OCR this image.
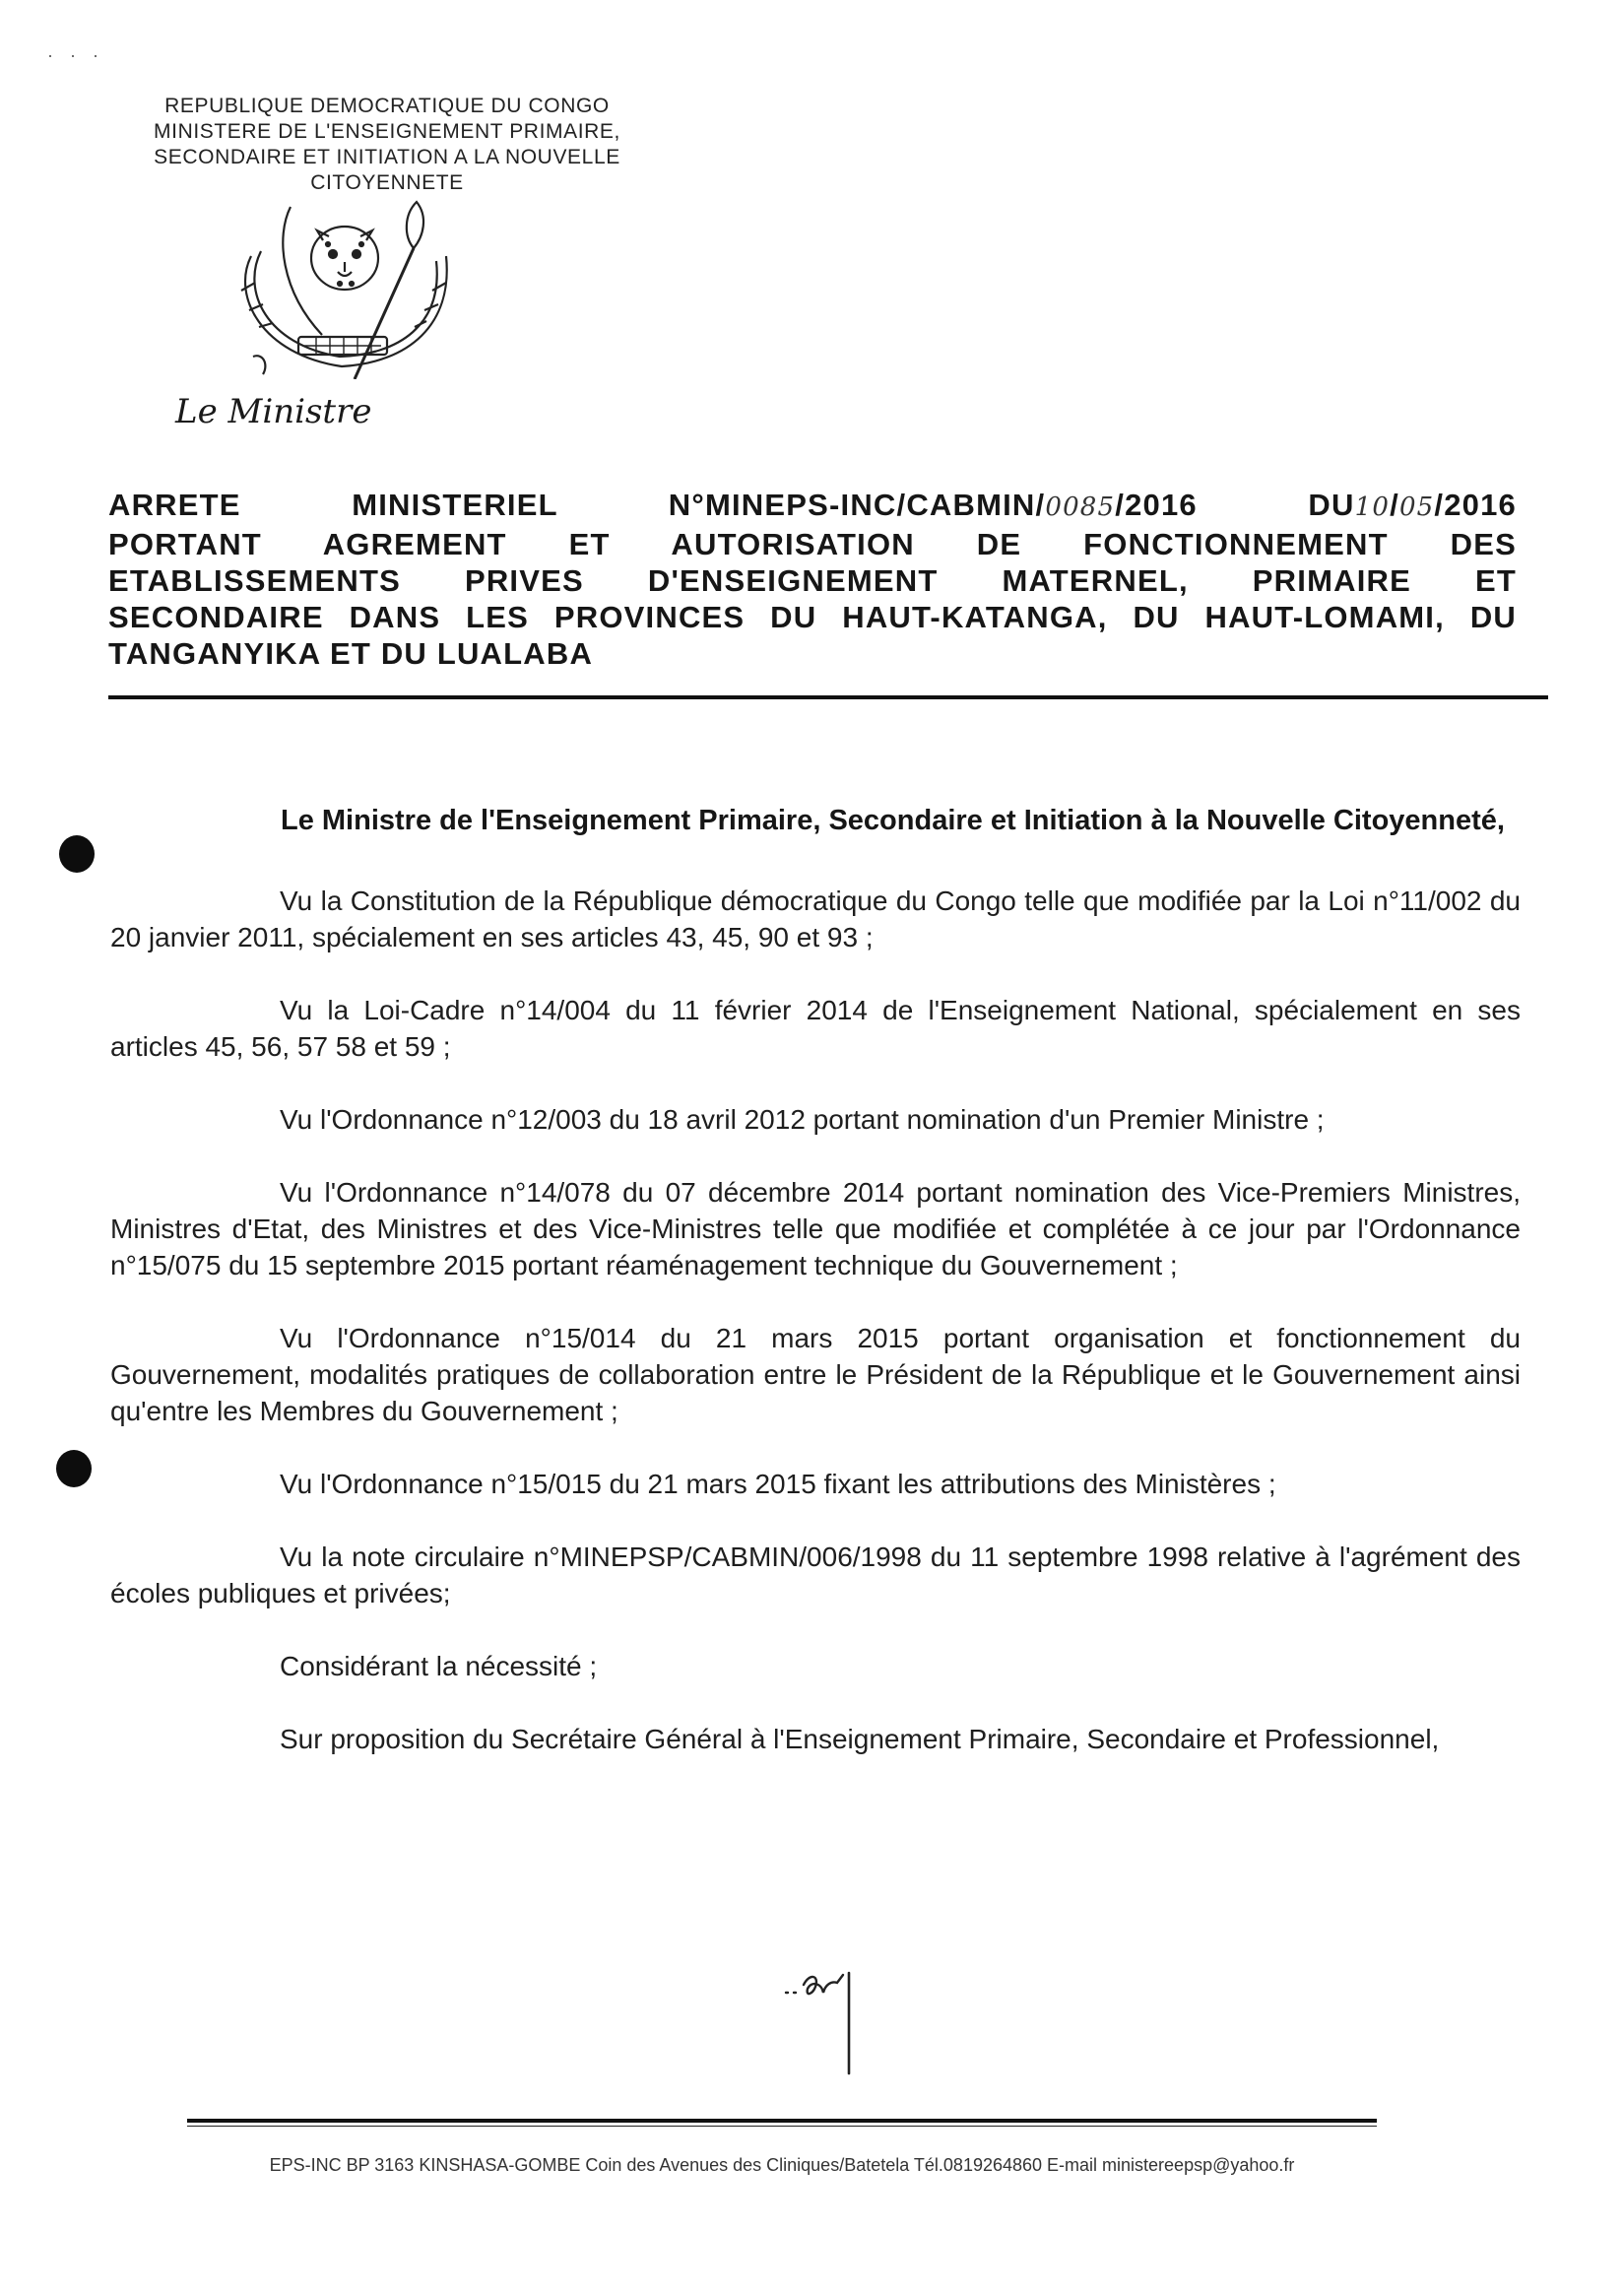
· · ·
REPUBLIQUE DEMOCRATIQUE DU CONGO
MINISTERE DE L'ENSEIGNEMENT PRIMAIRE,
SECONDAIRE ET INITIATION A LA NOUVELLE
CITOYENNETE
Le Ministre
ARRETE MINISTERIEL N°MINEPS-INC/CABMIN/0085/2016 DU10/05/2016
PORTANT AGREMENT ET AUTORISATION DE FONCTIONNEMENT DES
ETABLISSEMENTS PRIVES D'ENSEIGNEMENT MATERNEL, PRIMAIRE ET
SECONDAIRE DANS LES PROVINCES DU HAUT-KATANGA, DU HAUT-LOMAMI, DU
TANGANYIKA ET DU LUALABA

Le Ministre de l'Enseignement Primaire, Secondaire et Initiation à la Nouvelle Citoyenneté,

Vu la Constitution de la République démocratique du Congo telle que modifiée par la Loi n°11/002 du 20 janvier 2011, spécialement en ses articles 43, 45, 90 et 93 ;

Vu la Loi-Cadre n°14/004 du 11 février 2014 de l'Enseignement National, spécialement en ses articles 45, 56, 57 58 et 59 ;

Vu l'Ordonnance n°12/003 du 18 avril 2012 portant nomination d'un Premier Ministre ;

Vu l'Ordonnance n°14/078 du 07 décembre 2014 portant nomination des Vice-Premiers Ministres, Ministres d'Etat, des Ministres et des Vice-Ministres telle que modifiée et complétée à ce jour par l'Ordonnance n°15/075 du 15 septembre 2015 portant réaménagement technique du Gouvernement ;

Vu l'Ordonnance n°15/014 du 21 mars 2015 portant organisation et fonctionnement du Gouvernement, modalités pratiques de collaboration entre le Président de la République et le Gouvernement ainsi qu'entre les Membres du Gouvernement ;

Vu l'Ordonnance n°15/015 du 21 mars 2015 fixant les attributions des Ministères ;

Vu la note circulaire n°MINEPSP/CABMIN/006/1998 du 11 septembre 1998 relative à l'agrément des écoles publiques et privées;

Considérant la nécessité ;

Sur proposition du Secrétaire Général à l'Enseignement Primaire, Secondaire et Professionnel,

EPS-INC BP 3163 KINSHASA-GOMBE Coin des Avenues des Cliniques/Batetela Tél.0819264860 E-mail ministereepsp@yahoo.fr
